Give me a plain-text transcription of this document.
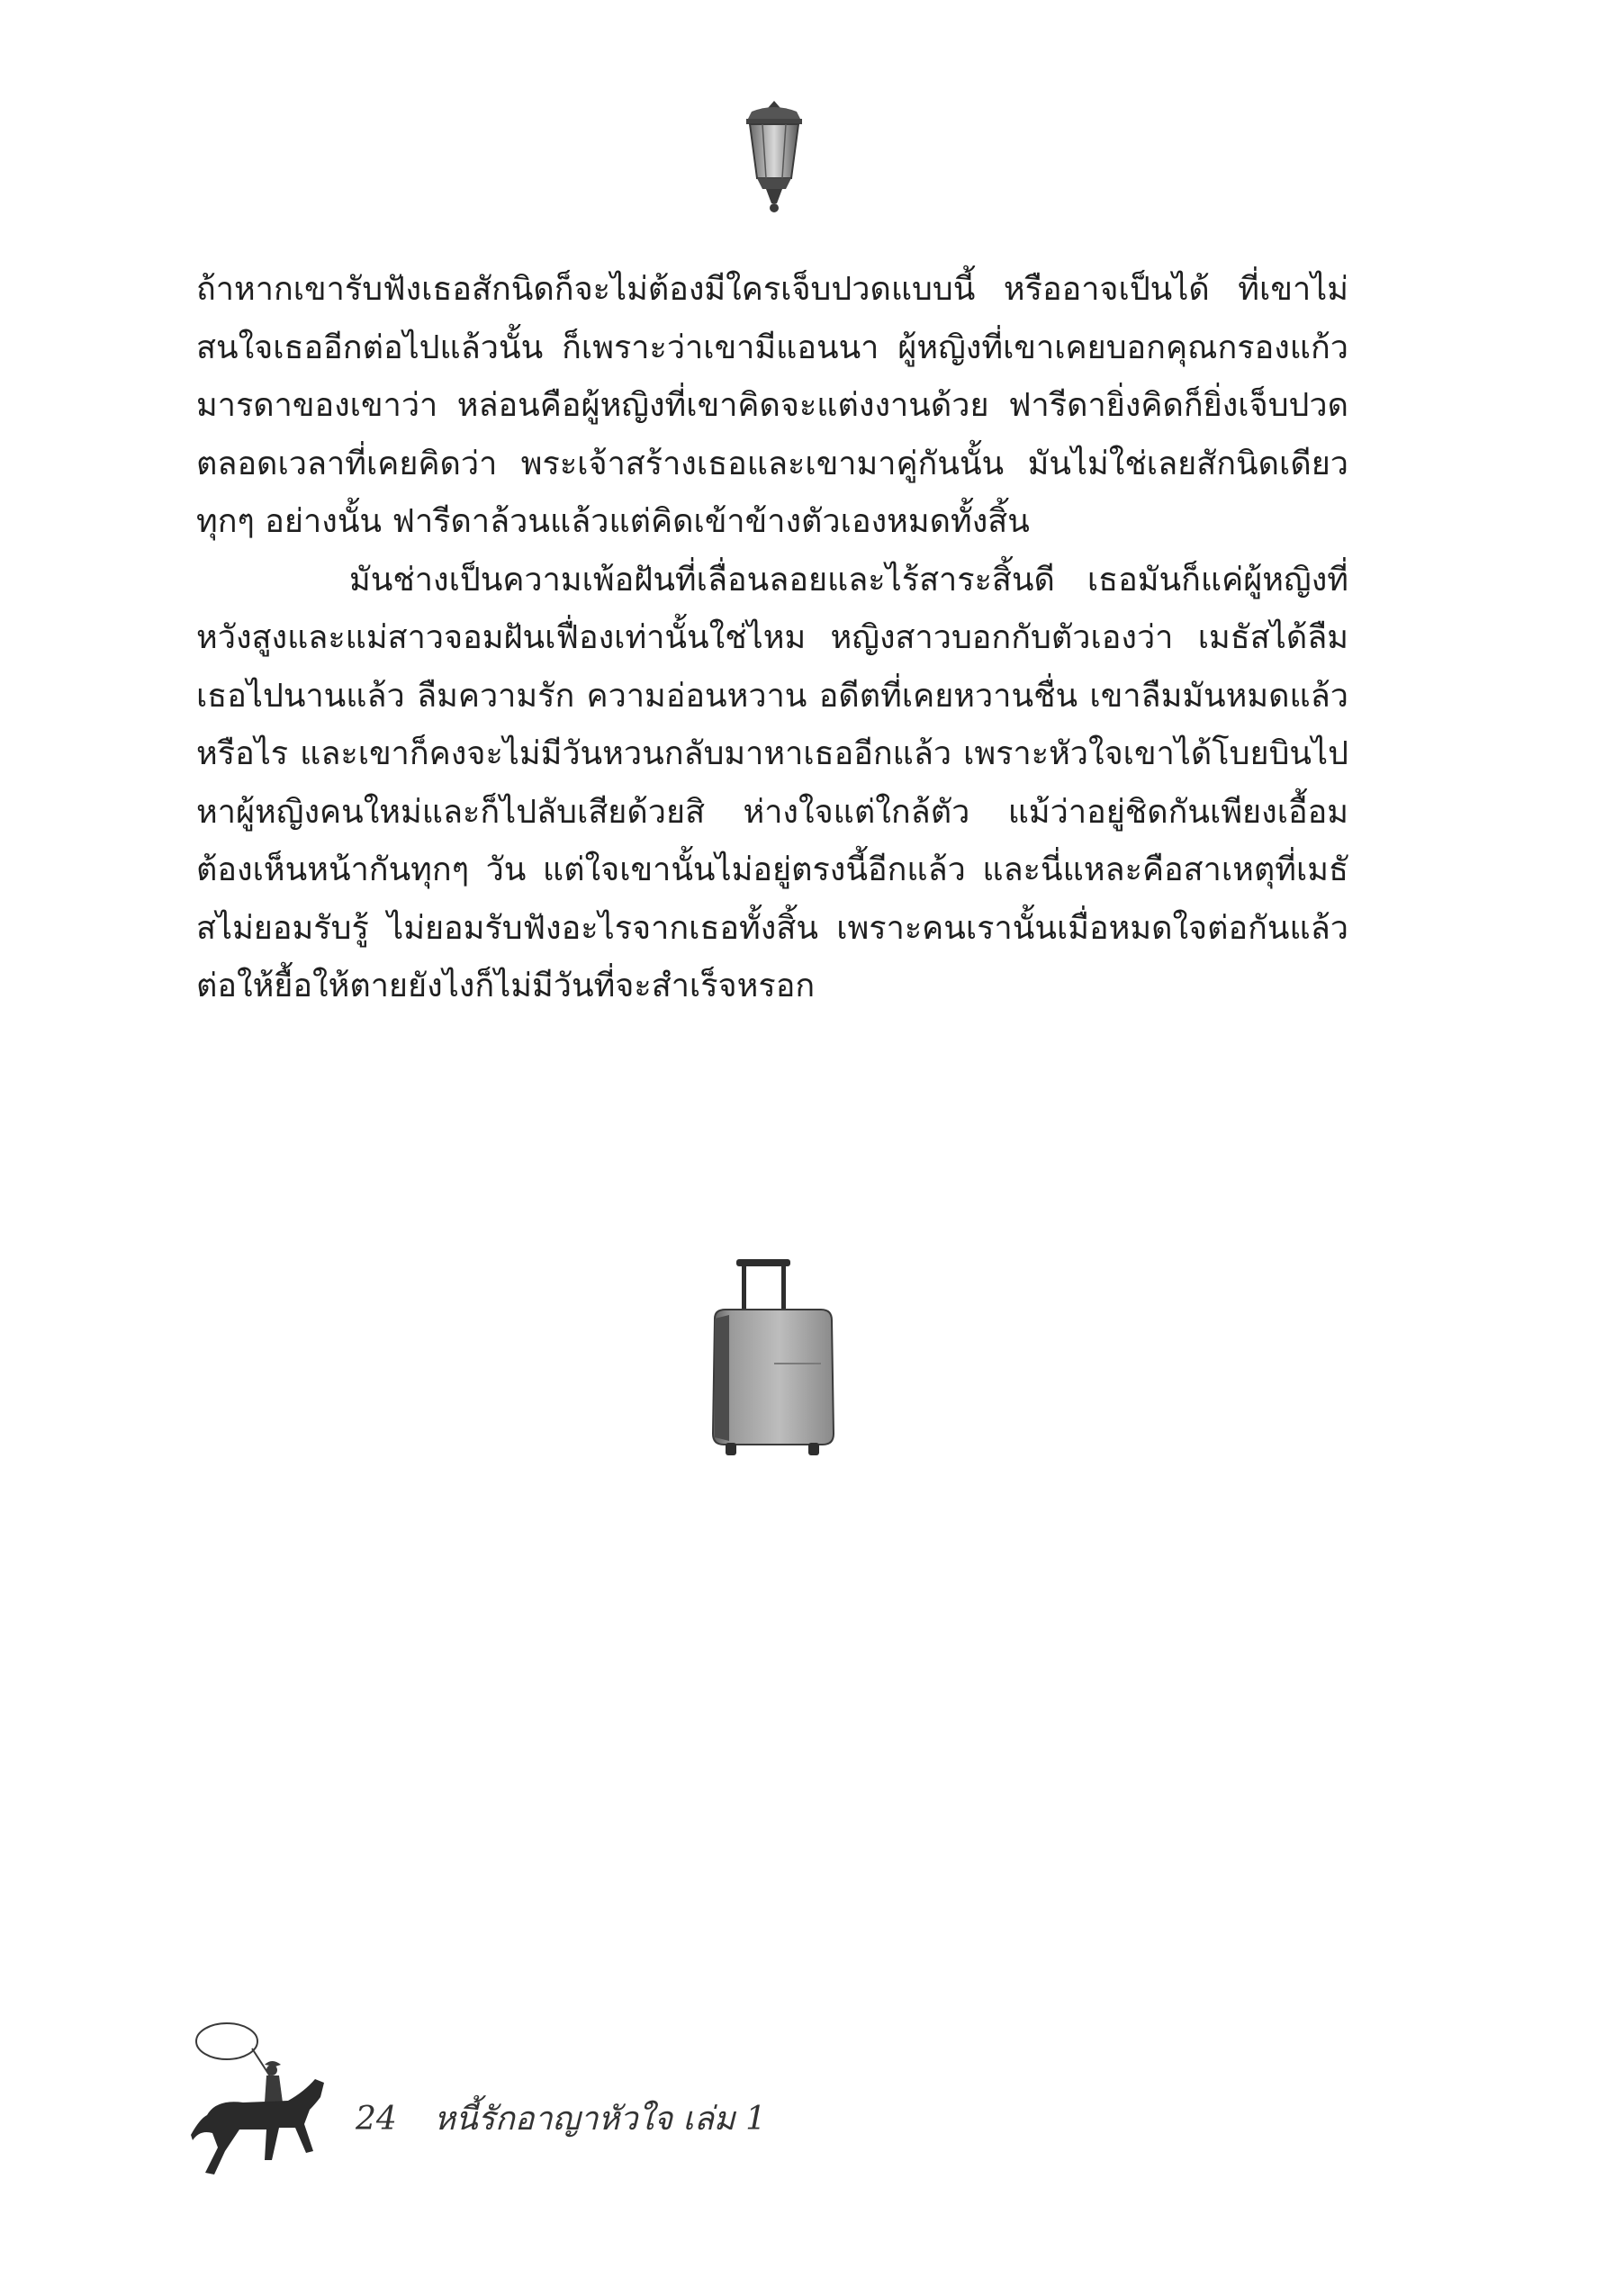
ถ้าหากเขารับฟังเธอสักนิดก็จะไม่ต้องมีใครเจ็บปวดแบบนี้ หรืออาจเป็นได้ ที่เขาไม่สนใจเธออีกต่อไปแล้วนั้น ก็เพราะว่าเขามีแอนนา ผู้หญิงที่เขาเคยบอกคุณกรองแก้ว มารดาของเขาว่า หล่อนคือผู้หญิงที่เขาคิดจะแต่งงานด้วย ฟารีดายิ่งคิดก็ยิ่งเจ็บปวด ตลอดเวลาที่เคยคิดว่า พระเจ้าสร้างเธอและเขามาคู่กันนั้น มันไม่ใช่เลยสักนิดเดียว ทุกๆ อย่างนั้น ฟารีดาล้วนแล้วแต่คิดเข้าข้างตัวเองหมดทั้งสิ้น

มันช่างเป็นความเพ้อฝันที่เลื่อนลอยและไร้สาระสิ้นดี เธอมันก็แค่ผู้หญิงที่หวังสูงและแม่สาวจอมฝันเฟื่องเท่านั้นใช่ไหม หญิงสาวบอกกับตัวเองว่า เมธัสได้ลืมเธอไปนานแล้ว ลืมความรัก ความอ่อนหวาน อดีตที่เคยหวานชื่น เขาลืมมันหมดแล้วหรือไร และเขาก็คงจะไม่มีวันหวนกลับมาหาเธออีกแล้ว เพราะหัวใจเขาได้โบยบินไปหาผู้หญิงคนใหม่และก็ไปลับเสียด้วยสิ ห่างใจแต่ใกล้ตัว แม้ว่าอยู่ชิดกันเพียงเอื้อมต้องเห็นหน้ากันทุกๆ วัน แต่ใจเขานั้นไม่อยู่ตรงนี้อีกแล้ว และนี่แหละคือสาเหตุที่เมธัสไม่ยอมรับรู้ ไม่ยอมรับฟังอะไรจากเธอทั้งสิ้น เพราะคนเรานั้นเมื่อหมดใจต่อกันแล้ว ต่อให้ยื้อให้ตายยังไงก็ไม่มีวันที่จะสำเร็จหรอก

24 หนี้รักอาญาหัวใจ เล่ม 1
